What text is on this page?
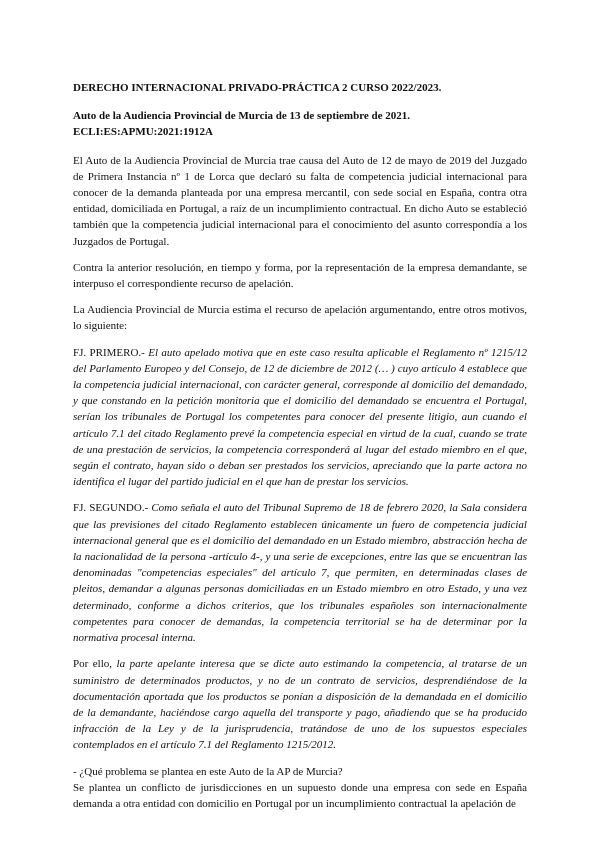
DERECHO INTERNACIONAL PRIVADO-PRÁCTICA 2 CURSO 2022/2023.

Auto de la Audiencia Provincial de Murcia de 13 de septiembre de 2021.
ECLI:ES:APMU:2021:1912A

El Auto de la Audiencia Provincial de Murcia trae causa del Auto de 12 de mayo de 2019 del Juzgado de Primera Instancia nº 1 de Lorca que declaró su falta de competencia judicial internacional para conocer de la demanda planteada por una empresa mercantil, con sede social en España, contra otra entidad, domiciliada en Portugal, a raíz de un incumplimiento contractual. En dicho Auto se estableció también que la competencia judicial internacional para el conocimiento del asunto correspondía a los Juzgados de Portugal.

Contra la anterior resolución, en tiempo y forma, por la representación de la empresa demandante, se interpuso el correspondiente recurso de apelación.

La Audiencia Provincial de Murcia estima el recurso de apelación argumentando, entre otros motivos, lo siguiente:

FJ. PRIMERO.- El auto apelado motiva que en este caso resulta aplicable el Reglamento nº 1215/12 del Parlamento Europeo y del Consejo, de 12 de diciembre de 2012 (… ) cuyo artículo 4 establece que la competencia judicial internacional, con carácter general, corresponde al domicilio del demandado, y que constando en la petición monitoria que el domicilio del demandado se encuentra el Portugal, serían los tribunales de Portugal los competentes para conocer del presente litigio, aun cuando el artículo 7.1 del citado Reglamento prevé la competencia especial en virtud de la cual, cuando se trate de una prestación de servicios, la competencia corresponderá al lugar del estado miembro en el que, según el contrato, hayan sido o deban ser prestados los servicios, apreciando que la parte actora no identifica el lugar del partido judicial en el que han de prestar los servicios.

FJ. SEGUNDO.- Como señala el auto del Tribunal Supremo de 18 de febrero 2020, la Sala considera que las previsiones del citado Reglamento establecen únicamente un fuero de competencia judicial internacional general que es el domicilio del demandado en un Estado miembro, abstracción hecha de la nacionalidad de la persona -artículo 4-, y una serie de excepciones, entre las que se encuentran las denominadas "competencias especiales" del artículo 7, que permiten, en determinadas clases de pleitos, demandar a algunas personas domiciliadas en un Estado miembro en otro Estado, y una vez determinado, conforme a dichos criterios, que los tribunales españoles son internacionalmente competentes para conocer de demandas, la competencia territorial se ha de determinar por la normativa procesal interna.

Por ello, la parte apelante interesa que se dicte auto estimando la competencia, al tratarse de un suministro de determinados productos, y no de un contrato de servicios, desprendiéndose de la documentación aportada que los productos se ponían a disposición de la demandada en el domicilio de la demandante, haciéndose cargo aquella del transporte y pago, añadiendo que se ha producido infracción de la Ley y de la jurisprudencia, tratándose de uno de los supuestos especiales contemplados en el artículo 7.1 del Reglamento 1215/2012.

- ¿Qué problema se plantea en este Auto de la AP de Murcia?

Se plantea un conflicto de jurisdicciones en un supuesto donde una empresa con sede en España demanda a otra entidad con domicilio en Portugal por un incumplimiento contractual la apelación de
